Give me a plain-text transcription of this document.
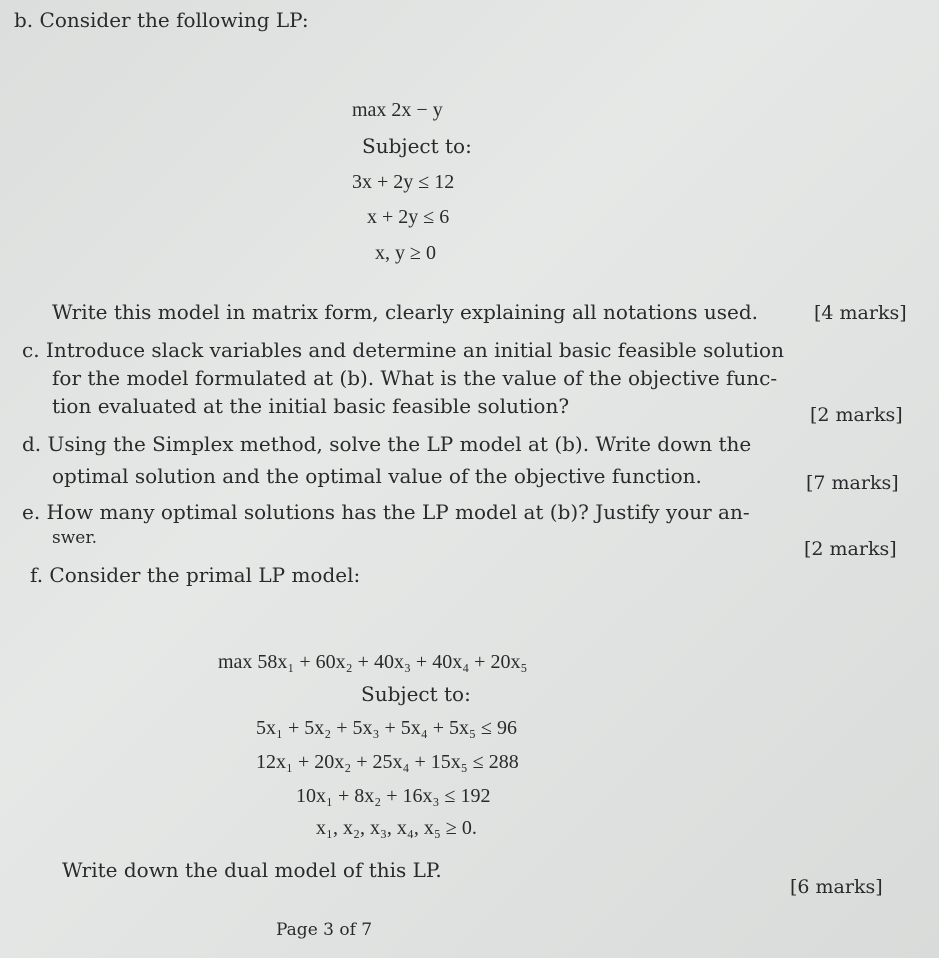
b. Consider the following LP:
max 2x − y
Subject to:
3x + 2y ≤ 12
x + 2y ≤ 6
x, y ≥ 0
Write this model in matrix form, clearly explaining all notations used.	[4 marks]
c. Introduce slack variables and determine an initial basic feasible solution
for the model formulated at (b). What is the value of the objective func-
tion evaluated at the initial basic feasible solution?	[2 marks]
d. Using the Simplex method, solve the LP model at (b). Write down the
optimal solution and the optimal value of the objective function.	[7 marks]
e. How many optimal solutions has the LP model at (b)? Justify your an-
swer.	[2 marks]
f. Consider the primal LP model:
max 58x₁ + 60x₂ + 40x₃ + 40x₄ + 20x₅
Subject to:
5x₁ + 5x₂ + 5x₃ + 5x₄ + 5x₅ ≤ 96
12x₁ + 20x₂ + 25x₄ + 15x₅ ≤ 288
10x₁ + 8x₂ + 16x₃ ≤ 192
x₁, x₂, x₃, x₄, x₅ ≥ 0.
Write down the dual model of this LP.
[6 marks]
Page 3 of 7
